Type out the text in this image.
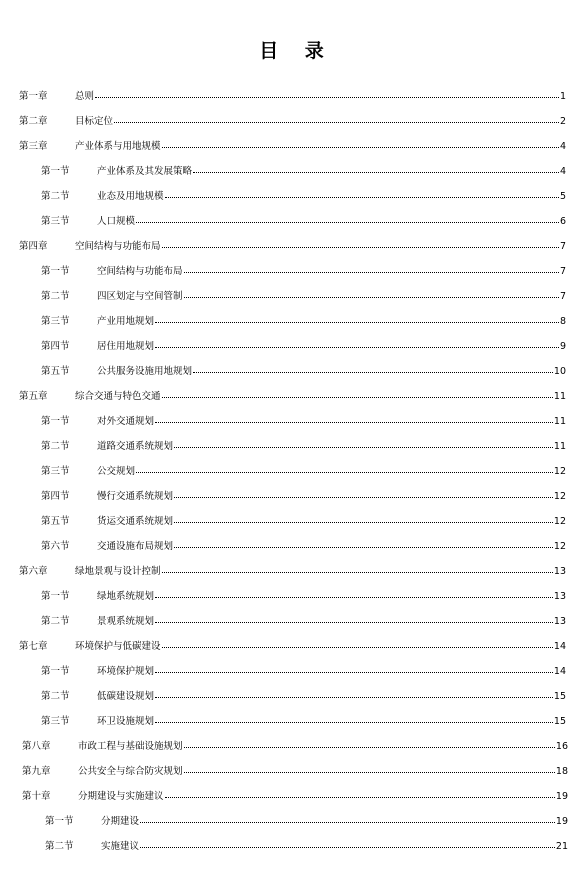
目 录
第一章	总则	1
第二章	目标定位	2
第三章	产业体系与用地规模	4
第一节	产业体系及其发展策略	4
第二节	业态及用地规模	5
第三节	人口规模	6
第四章	空间结构与功能布局	7
第一节	空间结构与功能布局	7
第二节	四区划定与空间管制	7
第三节	产业用地规划	8
第四节	居住用地规划	9
第五节	公共服务设施用地规划	10
第五章	综合交通与特色交通	11
第一节	对外交通规划	11
第二节	道路交通系统规划	11
第三节	公交规划	12
第四节	慢行交通系统规划	12
第五节	货运交通系统规划	12
第六节	交通设施布局规划	12
第六章	绿地景观与设计控制	13
第一节	绿地系统规划	13
第二节	景观系统规划	13
第七章	环境保护与低碳建设	14
第一节	环境保护规划	14
第二节	低碳建设规划	15
第三节	环卫设施规划	15
第八章	市政工程与基础设施规划	16
第九章	公共安全与综合防灾规划	18
第十章	分期建设与实施建议	19
第一节	分期建设	19
第二节	实施建议	21
